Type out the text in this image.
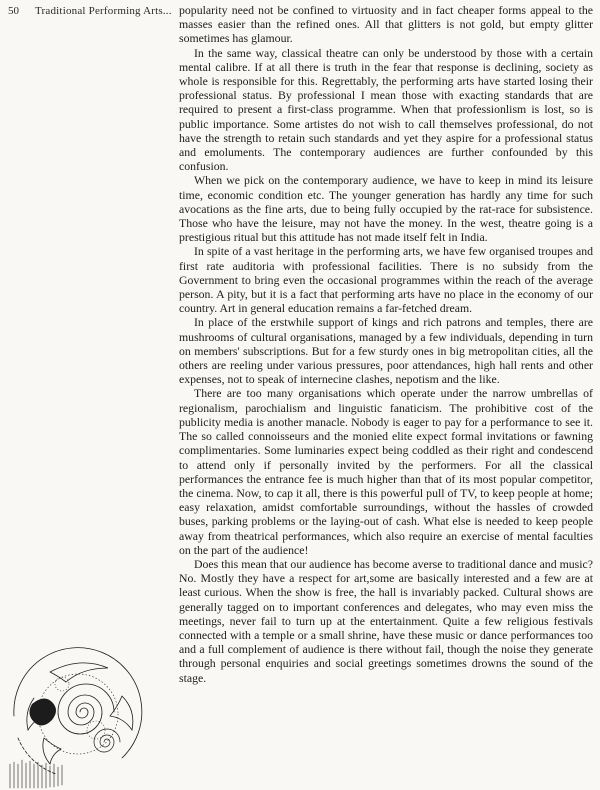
50 Traditional Performing Arts... popularity need not be confined to virtuosity and in fact cheaper forms appeal to the masses easier than the refined ones. All that glitters is not gold, but empty glitter sometimes has glamour.

In the same way, classical theatre can only be understood by those with a certain mental calibre. If at all there is truth in the fear that response is declining, society as whole is responsible for this. Regrettably, the performing arts have started losing their professional status. By professional I mean those with exacting standards that are required to present a first-class programme. When that professionlism is lost, so is public importance. Some artistes do not wish to call themselves professional, do not have the strength to retain such standards and yet they aspire for a professional status and emoluments. The contemporary audiences are further confounded by this confusion.

When we pick on the contemporary audience, we have to keep in mind its leisure time, economic condition etc. The younger generation has hardly any time for such avocations as the fine arts, due to being fully occupied by the rat-race for subsistence. Those who have the leisure, may not have the money. In the west, theatre going is a prestigious ritual but this attitude has not made itself felt in India.

In spite of a vast heritage in the performing arts, we have few organised troupes and first rate auditoria with professional facilities. There is no subsidy from the Government to bring even the occasional programmes within the reach of the average person. A pity, but it is a fact that performing arts have no place in the economy of our country. Art in general education remains a far-fetched dream.

In place of the erstwhile support of kings and rich patrons and temples, there are mushrooms of cultural organisations, managed by a few individuals, depending in turn on members' subscriptions. But for a few sturdy ones in big metropolitan cities, all the others are reeling under various pressures, poor attendances, high hall rents and other expenses, not to speak of internecine clashes, nepotism and the like.

There are too many organisations which operate under the narrow umbrellas of regionalism, parochialism and linguistic fanaticism. The prohibitive cost of the publicity media is another manacle. Nobody is eager to pay for a performance to see it. The so called connoisseurs and the monied elite expect formal invitations or fawning complimentaries. Some luminaries expect being coddled as their right and condescend to attend only if personally invited by the performers. For all the classical performances the entrance fee is much higher than that of its most popular competitor, the cinema. Now, to cap it all, there is this powerful pull of TV, to keep people at home; easy relaxation, amidst comfortable surroundings, without the hassles of crowded buses, parking problems or the laying-out of cash. What else is needed to keep people away from theatrical performances, which also require an exercise of mental faculties on the part of the audience!

Does this mean that our audience has become averse to traditional dance and music? No. Mostly they have a respect for art,some are basically interested and a few are at least curious. When the show is free, the hall is invariably packed. Cultural shows are generally tagged on to important conferences and delegates, who may even miss the meetings, never fail to turn up at the entertainment. Quite a few religious festivals connected with a temple or a small shrine, have these music or dance performances too and a full complement of audience is there without fail, though the noise they generate through personal enquiries and social greetings sometimes drowns the sound of the stage.
